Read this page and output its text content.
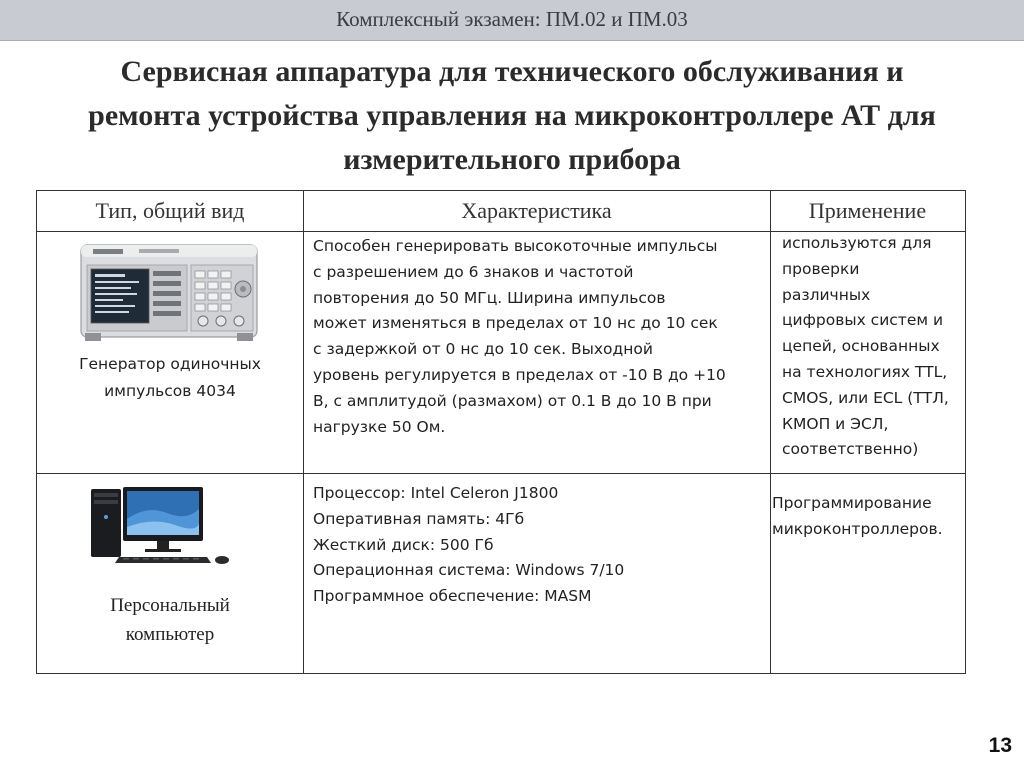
Комплексный экзамен: ПМ.02 и ПМ.03
Сервисная аппаратура для технического обслуживания и
ремонта устройства управления на микроконтроллере АТ для
измерительного прибора
Тип, общий вид	Характеристика	Применение
Генератор одиночных
импульсов 4034
Способен генерировать высокоточные импульсы
с разрешением до 6 знаков и частотой
повторения до 50 МГц. Ширина импульсов
может изменяться в пределах от 10 нс до 10 сек
с задержкой от 0 нс до 10 сек. Выходной
уровень регулируется в пределах от -10 В до +10
В, с амплитудой (размахом) от 0.1 В до 10 В при
нагрузке 50 Ом.
используются для
проверки
различных
цифровых систем и
цепей, основанных
на технологиях TTL,
CMOS, или ECL (ТТЛ,
КМОП и ЭСЛ,
соответственно)
Персональный
компьютер
Процессор: Intel Celeron J1800
Оперативная память: 4Гб
Жесткий диск: 500 Гб
Операционная система: Windows 7/10
Программное обеспечение: MASM
Программирование
микроконтроллеров.
13
